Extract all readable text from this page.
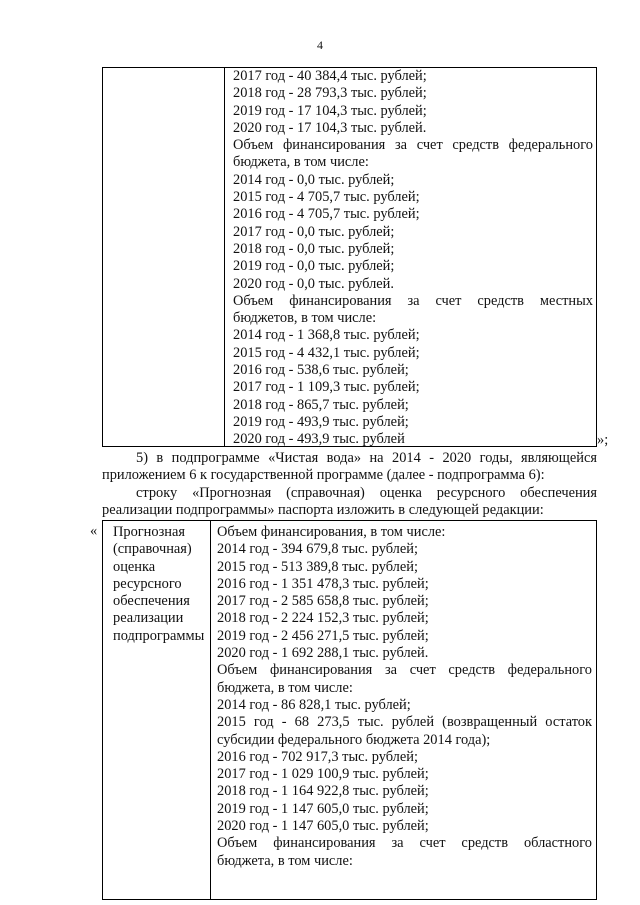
4
2017 год - 40 384,4 тыс. рублей;
2018 год - 28 793,3 тыс. рублей;
2019 год - 17 104,3 тыс. рублей;
2020 год - 17 104,3 тыс. рублей.
Объем финансирования за счет средств федерального
бюджета, в том числе:
2014 год - 0,0 тыс. рублей;
2015 год - 4 705,7 тыс. рублей;
2016 год - 4 705,7 тыс. рублей;
2017 год - 0,0 тыс. рублей;
2018 год - 0,0 тыс. рублей;
2019 год - 0,0 тыс. рублей;
2020 год - 0,0 тыс. рублей.
Объем финансирования за счет средств местных
бюджетов, в том числе:
2014 год - 1 368,8 тыс. рублей;
2015 год - 4 432,1 тыс. рублей;
2016 год - 538,6 тыс. рублей;
2017 год - 1 109,3 тыс. рублей;
2018 год - 865,7 тыс. рублей;
2019 год - 493,9 тыс. рублей;
2020 год - 493,9 тыс. рублей	»;
5) в подпрограмме «Чистая вода» на 2014 - 2020 годы, являющейся
приложением 6 к государственной программе (далее - подпрограмма 6):
строку «Прогнозная (справочная) оценка ресурсного обеспечения
реализации подпрограммы» паспорта изложить в следующей редакции:
« Прогнозная
(справочная)
оценка
ресурсного
обеспечения
реализации
подпрограммы
Объем финансирования, в том числе:
2014 год - 394 679,8 тыс. рублей;
2015 год - 513 389,8 тыс. рублей;
2016 год - 1 351 478,3 тыс. рублей;
2017 год - 2 585 658,8 тыс. рублей;
2018 год - 2 224 152,3 тыс. рублей;
2019 год - 2 456 271,5 тыс. рублей;
2020 год - 1 692 288,1 тыс. рублей.
Объем финансирования за счет средств федерального
бюджета, в том числе:
2014 год - 86 828,1 тыс. рублей;
2015 год - 68 273,5 тыс. рублей (возвращенный остаток
субсидии федерального бюджета 2014 года);
2016 год - 702 917,3 тыс. рублей;
2017 год - 1 029 100,9 тыс. рублей;
2018 год - 1 164 922,8 тыс. рублей;
2019 год - 1 147 605,0 тыс. рублей;
2020 год - 1 147 605,0 тыс. рублей;
Объем финансирования за счет средств областного
бюджета, в том числе:
